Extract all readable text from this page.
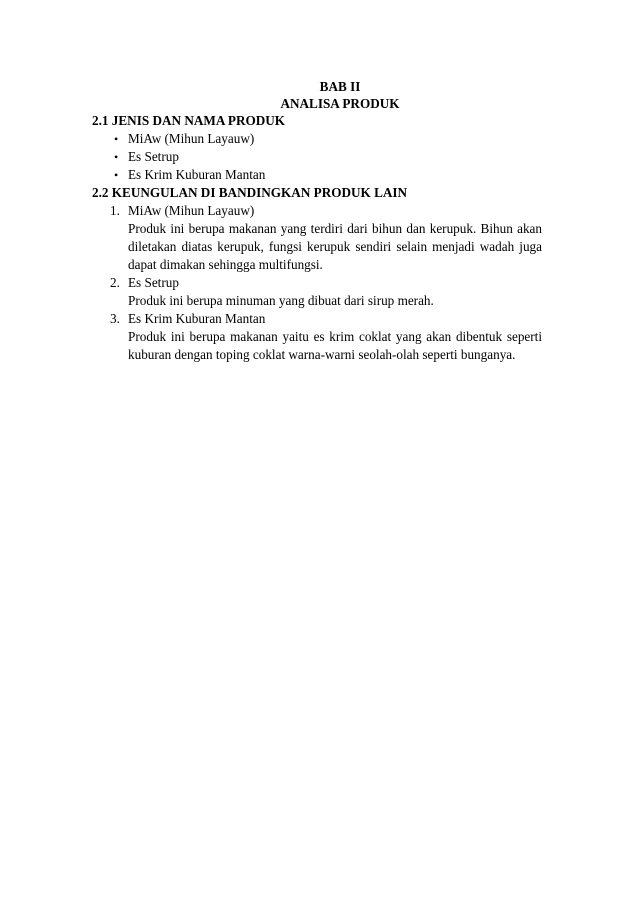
BAB II
ANALISA PRODUK
2.1 JENIS DAN NAMA PRODUK
• MiAw (Mihun Layauw)
• Es Setrup
• Es Krim Kuburan Mantan
2.2 KEUNGULAN DI BANDINGKAN PRODUK LAIN
1. MiAw (Mihun Layauw)
Produk ini berupa makanan yang terdiri dari bihun dan kerupuk. Bihun akan diletakan diatas kerupuk, fungsi kerupuk sendiri selain menjadi wadah juga dapat dimakan sehingga multifungsi.
2. Es Setrup
Produk ini berupa minuman yang dibuat dari sirup merah.
3. Es Krim Kuburan Mantan
Produk ini berupa makanan yaitu es krim coklat yang akan dibentuk seperti kuburan dengan toping coklat warna-warni seolah-olah seperti bunganya.
